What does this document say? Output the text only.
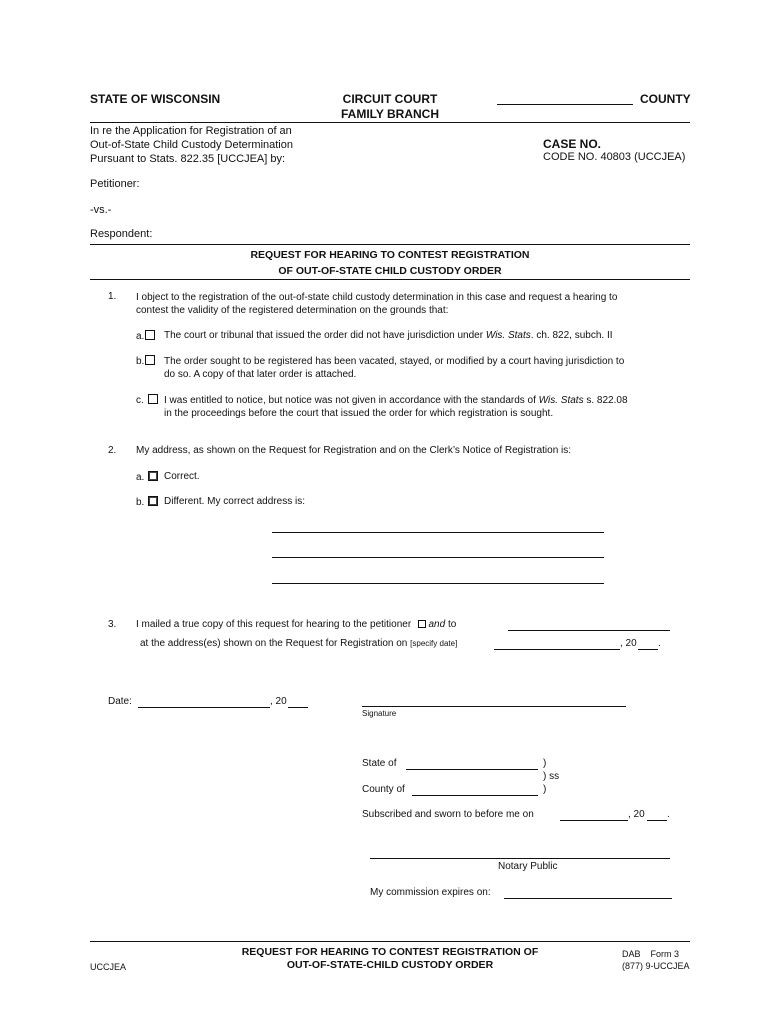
STATE OF WISCONSIN	CIRCUIT COURT
FAMILY BRANCH
COUNTY
In re the Application for Registration of an
Out-of-State Child Custody Determination
Pursuant to Stats. 822.35 [UCCJEA] by:
CASE NO.
CODE NO. 40803 (UCCJEA)
Petitioner:
-vs.-
Respondent:
REQUEST FOR HEARING TO CONTEST REGISTRATION
OF OUT-OF-STATE CHILD CUSTODY ORDER
1. I object to the registration of the out-of-state child custody determination in this case and request a hearing to
contest the validity of the registered determination on the grounds that:
a.	The court or tribunal that issued the order did not have jurisdiction under Wis. Stats. ch. 822, subch. II
b.	The order sought to be registered has been vacated, stayed, or modified by a court having jurisdiction to
do so. A copy of that later order is attached.
c.	I was entitled to notice, but notice was not given in accordance with the standards of Wis. Stats s. 822.08
in the proceedings before the court that issued the order for which registration is sought.
2. My address, as shown on the Request for Registration and on the Clerk’s Notice of Registration is:
a.	Correct.
b.	Different. My correct address is:
3. I mailed a true copy of this request for hearing to the petitioner and to
at the address(es) shown on the Request for Registration on [specify date]	, 20 .
Date:	, 20
Signature
State of	)
) ss
County of	)
Subscribed and sworn to before me on	, 20 .
Notary Public
My commission expires on:
UCCJEA
REQUEST FOR HEARING TO CONTEST REGISTRATION OF
OUT-OF-STATE-CHILD CUSTODY ORDER
DAB    Form 3
(877) 9-UCCJEA
